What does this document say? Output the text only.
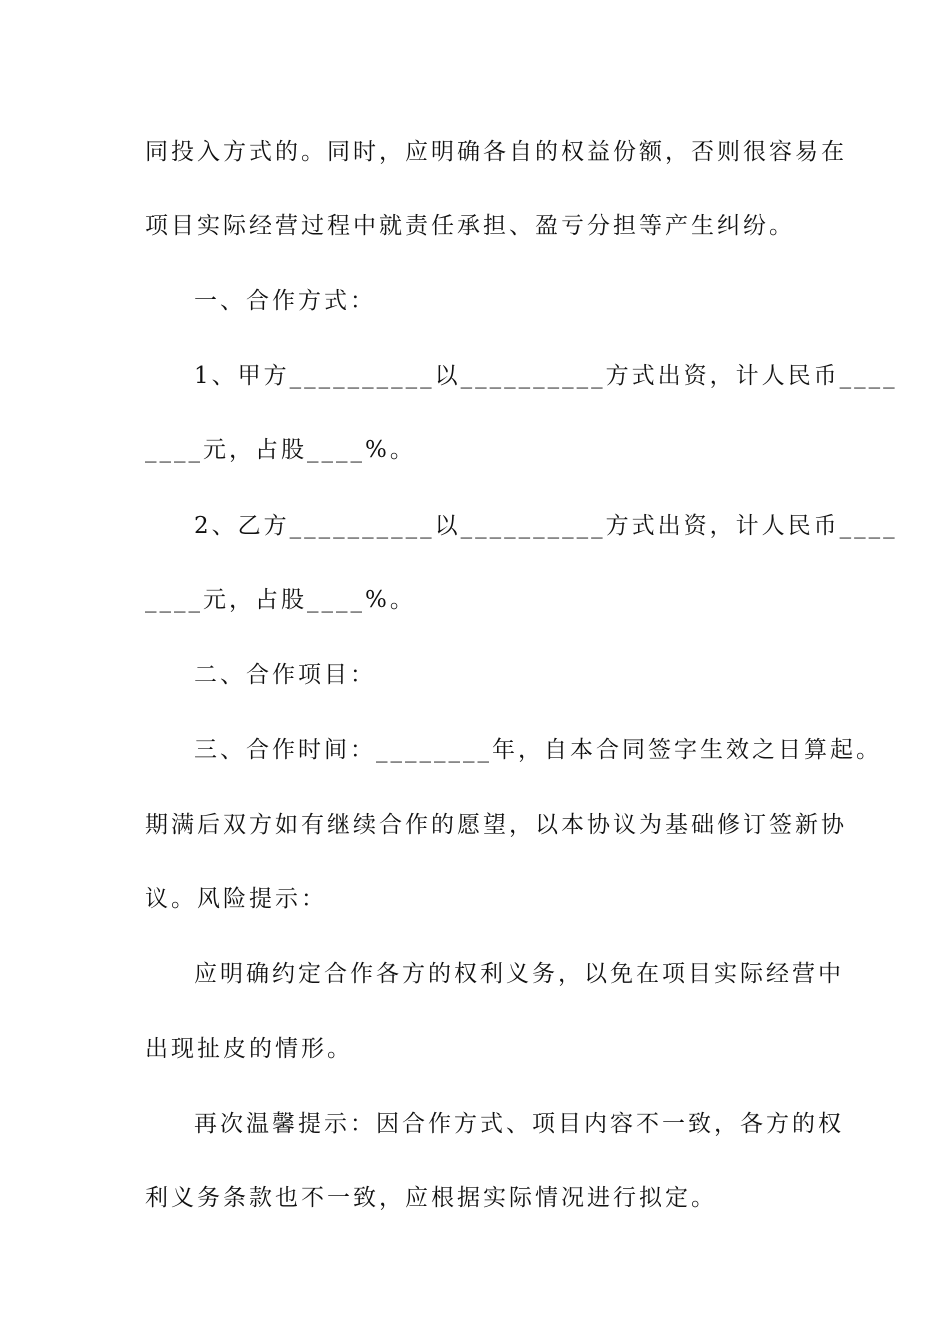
同投入方式的。同时，应明确各自的权益份额，否则很容易在
项目实际经营过程中就责任承担、盈亏分担等产生纠纷。
一、合作方式：
1、甲方__________以__________方式出资，计人民币____
____元，占股____%。
2、乙方__________以__________方式出资，计人民币____
____元，占股____%。
二、合作项目：
三、合作时间：________年，自本合同签字生效之日算起。
期满后双方如有继续合作的愿望，以本协议为基础修订签新协
议。风险提示：
应明确约定合作各方的权利义务，以免在项目实际经营中
出现扯皮的情形。
再次温馨提示：因合作方式、项目内容不一致，各方的权
利义务条款也不一致，应根据实际情况进行拟定。
